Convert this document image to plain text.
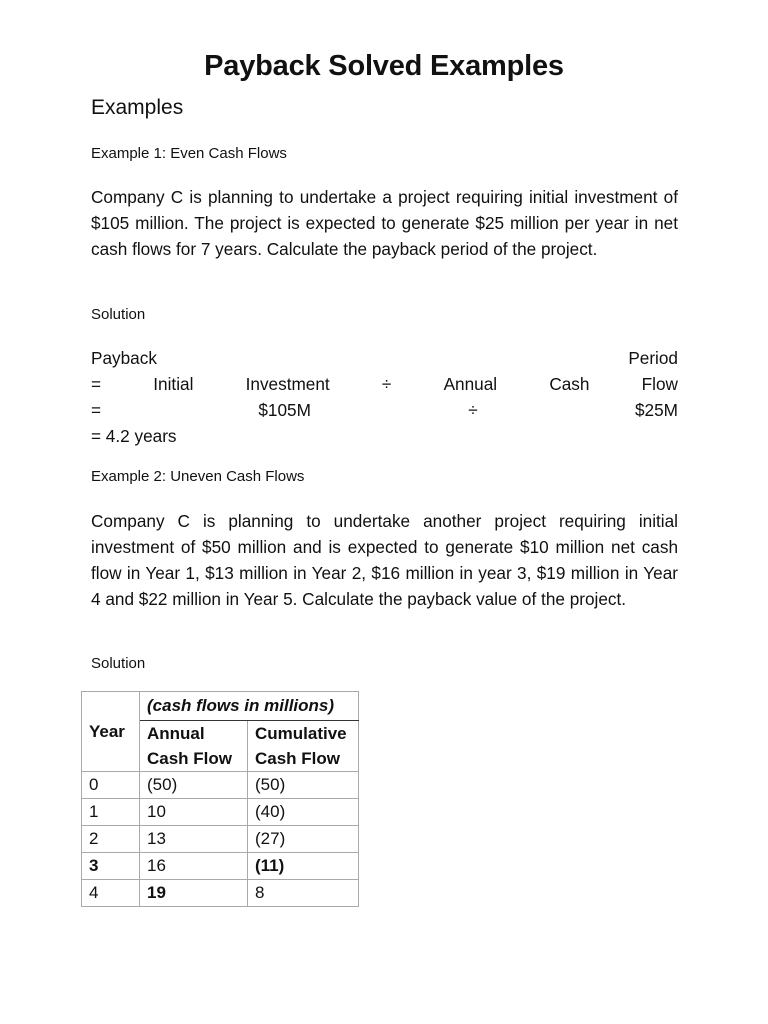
Payback Solved Examples
Examples
Example 1: Even Cash Flows
Company C is planning to undertake a project requiring initial investment of $105 million. The project is expected to generate $25 million per year in net cash flows for 7 years. Calculate the payback period of the project.
Solution
Payback	Period
=	Initial	Investment	÷	Annual	Cash	Flow
=	$105M	÷	$25M
= 4.2 years
Example 2: Uneven Cash Flows
Company C is planning to undertake another project requiring initial investment of $50 million and is expected to generate $10 million net cash flow in Year 1, $13 million in Year 2, $16 million in year 3, $19 million in Year 4 and $22 million in Year 5. Calculate the payback value of the project.
Solution
Year	(cash flows in millions)	
	Annual Cash Flow	Cumulative Cash Flow
0	(50)	(50)
1	10	(40)
2	13	(27)
3	16	(11)
4	19	8
